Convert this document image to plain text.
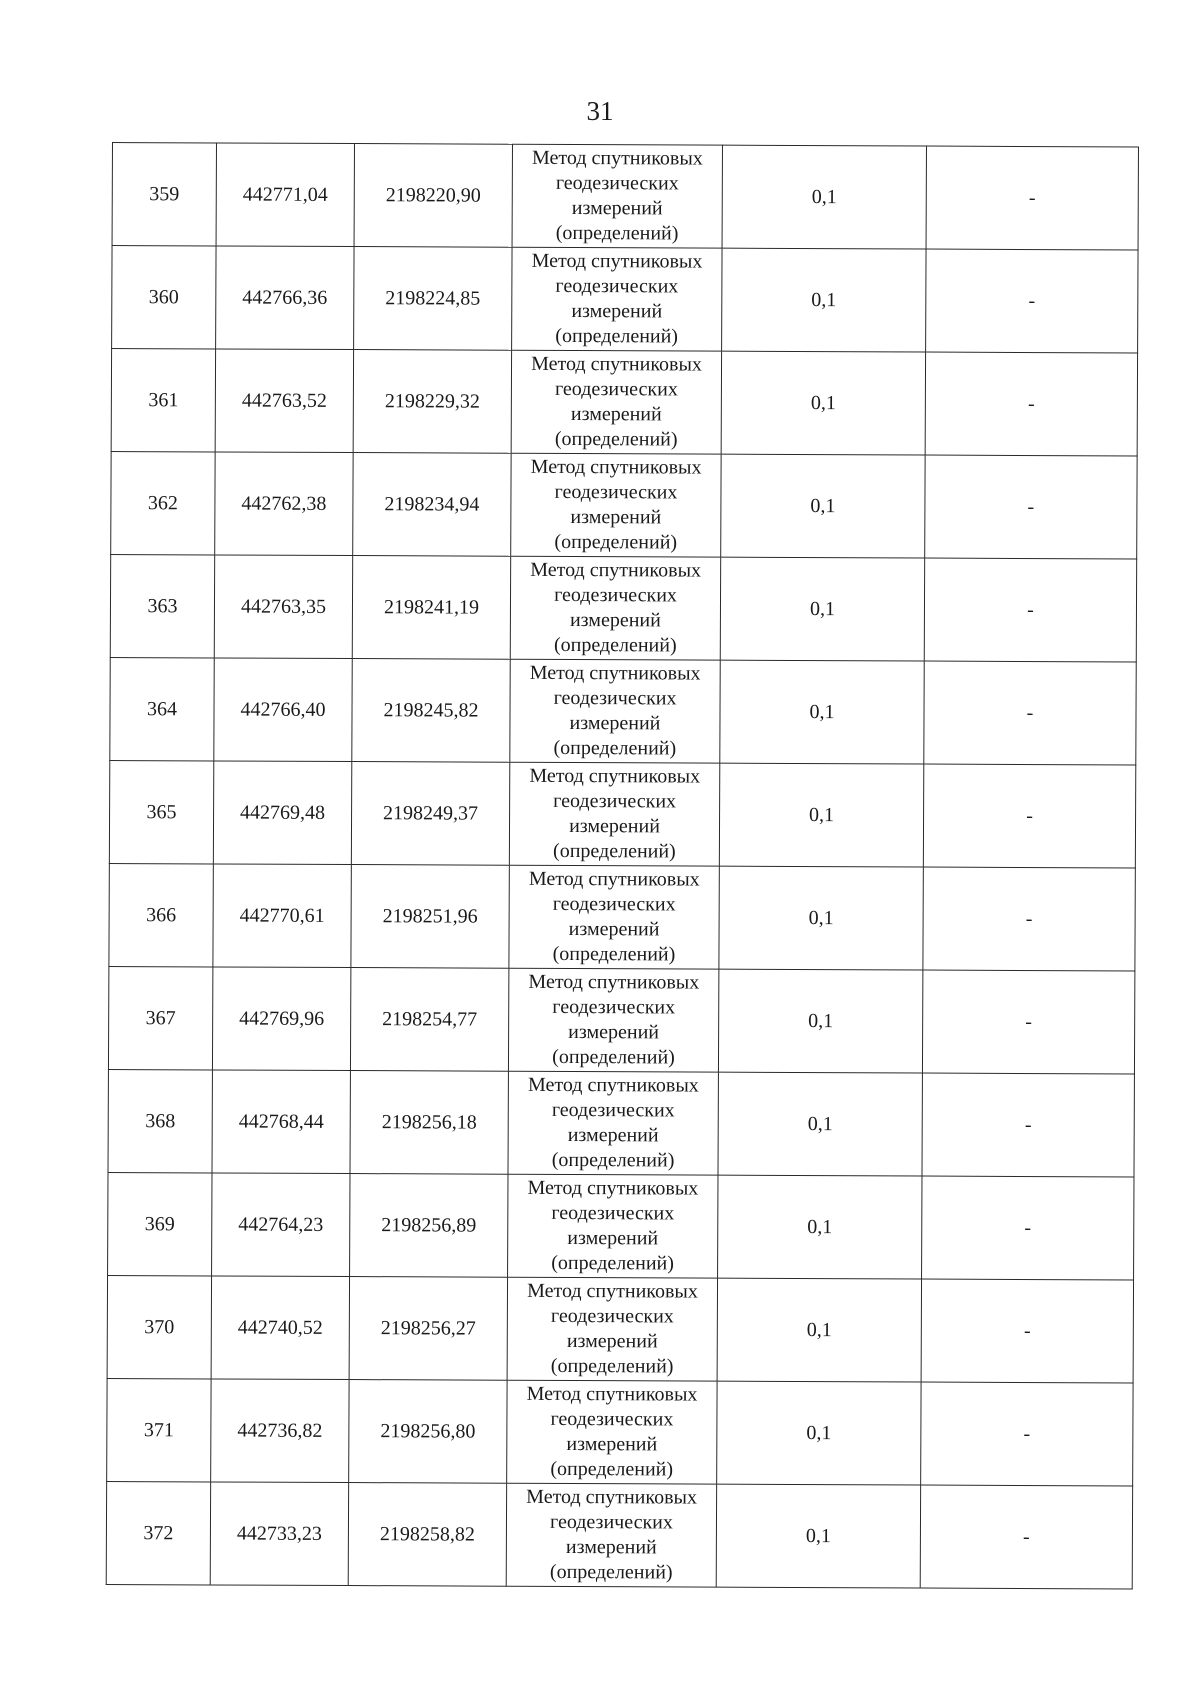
31
359	442771,04	2198220,90	Метод спутниковых
геодезических
измерений
(определений)	0,1	-
360	442766,36	2198224,85	Метод спутниковых
геодезических
измерений
(определений)	0,1	-
361	442763,52	2198229,32	Метод спутниковых
геодезических
измерений
(определений)	0,1	-
362	442762,38	2198234,94	Метод спутниковых
геодезических
измерений
(определений)	0,1	-
363	442763,35	2198241,19	Метод спутниковых
геодезических
измерений
(определений)	0,1	-
364	442766,40	2198245,82	Метод спутниковых
геодезических
измерений
(определений)	0,1	-
365	442769,48	2198249,37	Метод спутниковых
геодезических
измерений
(определений)	0,1	-
366	442770,61	2198251,96	Метод спутниковых
геодезических
измерений
(определений)	0,1	-
367	442769,96	2198254,77	Метод спутниковых
геодезических
измерений
(определений)	0,1	-
368	442768,44	2198256,18	Метод спутниковых
геодезических
измерений
(определений)	0,1	-
369	442764,23	2198256,89	Метод спутниковых
геодезических
измерений
(определений)	0,1	-
370	442740,52	2198256,27	Метод спутниковых
геодезических
измерений
(определений)	0,1	-
371	442736,82	2198256,80	Метод спутниковых
геодезических
измерений
(определений)	0,1	-
372	442733,23	2198258,82	Метод спутниковых
геодезических
измерений
(определений)	0,1	-
